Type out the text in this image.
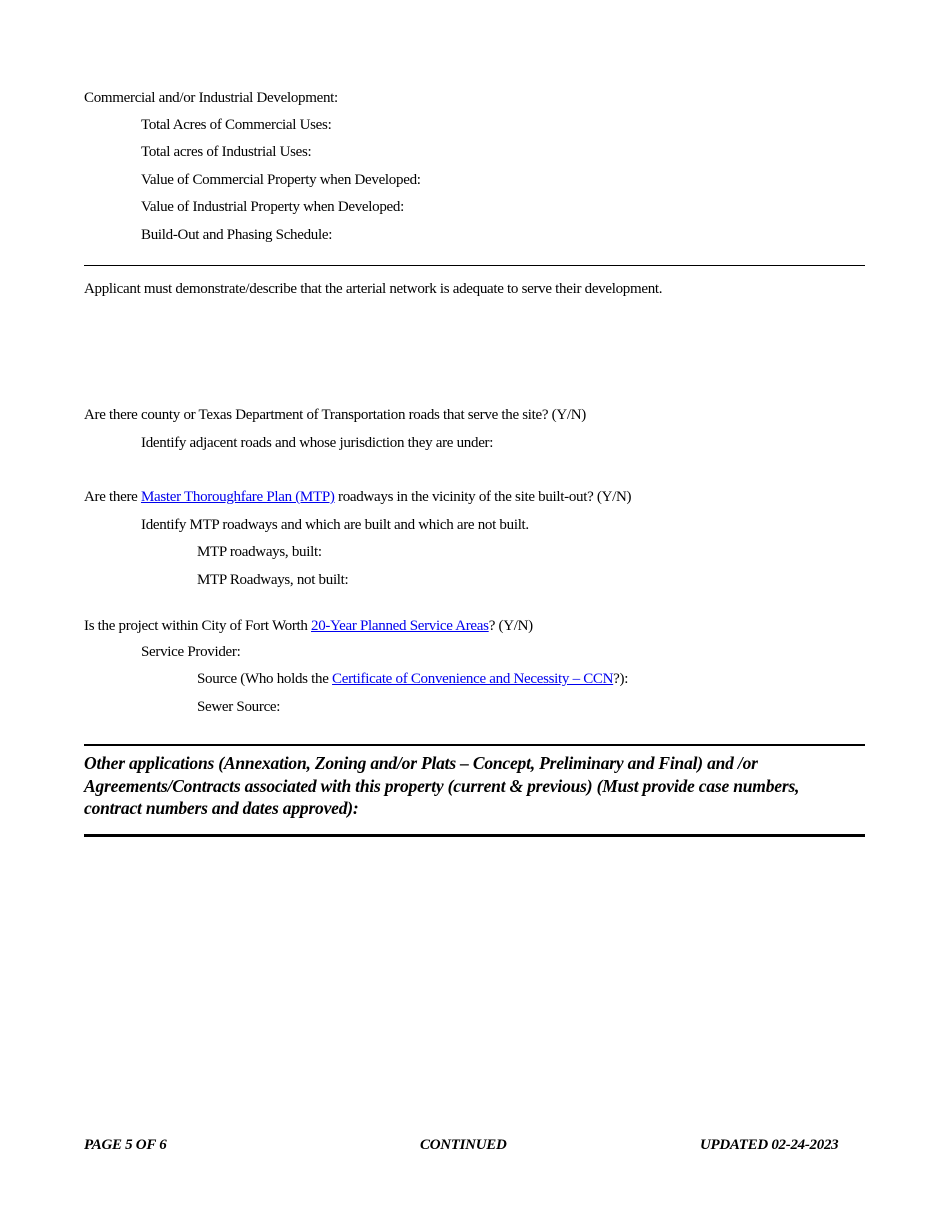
Commercial and/or Industrial Development:
Total Acres of Commercial Uses:
Total acres of Industrial Uses:
Value of Commercial Property when Developed:
Value of Industrial Property when Developed:
Build-Out and Phasing Schedule:
Applicant must demonstrate/describe that the arterial network is adequate to serve their development.
Are there county or Texas Department of Transportation roads that serve the site? (Y/N)
Identify adjacent roads and whose jurisdiction they are under:
Are there Master Thoroughfare Plan (MTP) roadways in the vicinity of the site built-out? (Y/N)
Identify MTP roadways and which are built and which are not built.
MTP roadways, built:
MTP Roadways, not built:
Is the project within City of Fort Worth 20-Year Planned Service Areas? (Y/N)
Service Provider:
Source (Who holds the Certificate of Convenience and Necessity – CCN?):
Sewer Source:
Other applications (Annexation, Zoning and/or Plats – Concept, Preliminary and Final) and /or Agreements/Contracts associated with this property (current & previous) (Must provide case numbers, contract numbers and dates approved):
PAGE 5 OF 6	CONTINUED	UPDATED 02-24-2023
